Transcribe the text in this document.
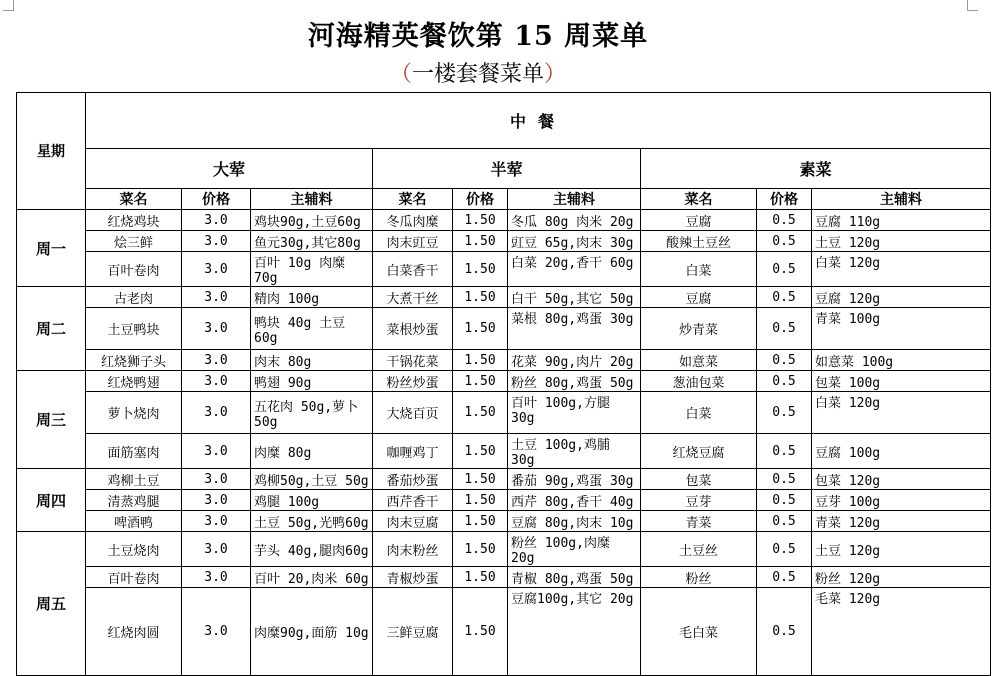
河海精英餐饮第 15 周菜单
（一楼套餐菜单）
星期	中餐								
	大荤			半荤			素菜		
	菜名	价格	主辅料	菜名	价格	主辅料	菜名	价格	主辅料
周一	红烧鸡块	3.0	鸡块90g,土豆60g	冬瓜肉糜	1.50	冬瓜 80g 肉米 20g	豆腐	0.5	豆腐 110g
	烩三鲜	3.0	鱼元30g,其它80g	肉末豇豆	1.50	豇豆 65g,肉末 30g	酸辣土豆丝	0.5	土豆 120g
	百叶卷肉	3.0	百叶 10g 肉糜 70g	白菜香干	1.50	白菜 20g,香干 60g	白菜	0.5	白菜 120g
周二	古老肉	3.0	精肉 100g	大煮干丝	1.50	白干 50g,其它 50g	豆腐	0.5	豆腐 120g
	土豆鸭块	3.0	鸭块 40g 土豆 60g	菜根炒蛋	1.50	菜根 80g,鸡蛋 30g	炒青菜	0.5	青菜 100g
	红烧狮子头	3.0	肉末 80g	干锅花菜	1.50	花菜 90g,肉片 20g	如意菜	0.5	如意菜 100g
周三	红烧鸭翅	3.0	鸭翅 90g	粉丝炒蛋	1.50	粉丝 80g,鸡蛋 50g	葱油包菜	0.5	包菜 100g
	萝卜烧肉	3.0	五花肉 50g,萝卜 50g	大烧百页	1.50	百叶 100g,方腿 30g	白菜	0.5	白菜 120g
	面筋塞肉	3.0	肉糜 80g	咖喱鸡丁	1.50	土豆 100g,鸡脯 30g	红烧豆腐	0.5	豆腐 100g
周四	鸡柳土豆	3.0	鸡柳50g,土豆 50g	番茄炒蛋	1.50	番茄 90g,鸡蛋 30g	包菜	0.5	包菜 120g
	清蒸鸡腿	3.0	鸡腿 100g	西芹香干	1.50	西芹 80g,香干 40g	豆芽	0.5	豆芽 100g
	啤酒鸭	3.0	土豆 50g,光鸭60g	肉末豆腐	1.50	豆腐 80g,肉末 10g	青菜	0.5	青菜 120g
周五	土豆烧肉	3.0	芋头 40g,腿肉60g	肉末粉丝	1.50	粉丝 100g,肉糜 20g	土豆丝	0.5	土豆 120g
	百叶卷肉	3.0	百叶 20,肉米 60g	青椒炒蛋	1.50	青椒 80g,鸡蛋 50g	粉丝	0.5	粉丝 120g
	红烧肉圆	3.0	肉糜90g,面筋 10g	三鲜豆腐	1.50	豆腐100g,其它 20g	毛白菜	0.5	毛菜 120g
